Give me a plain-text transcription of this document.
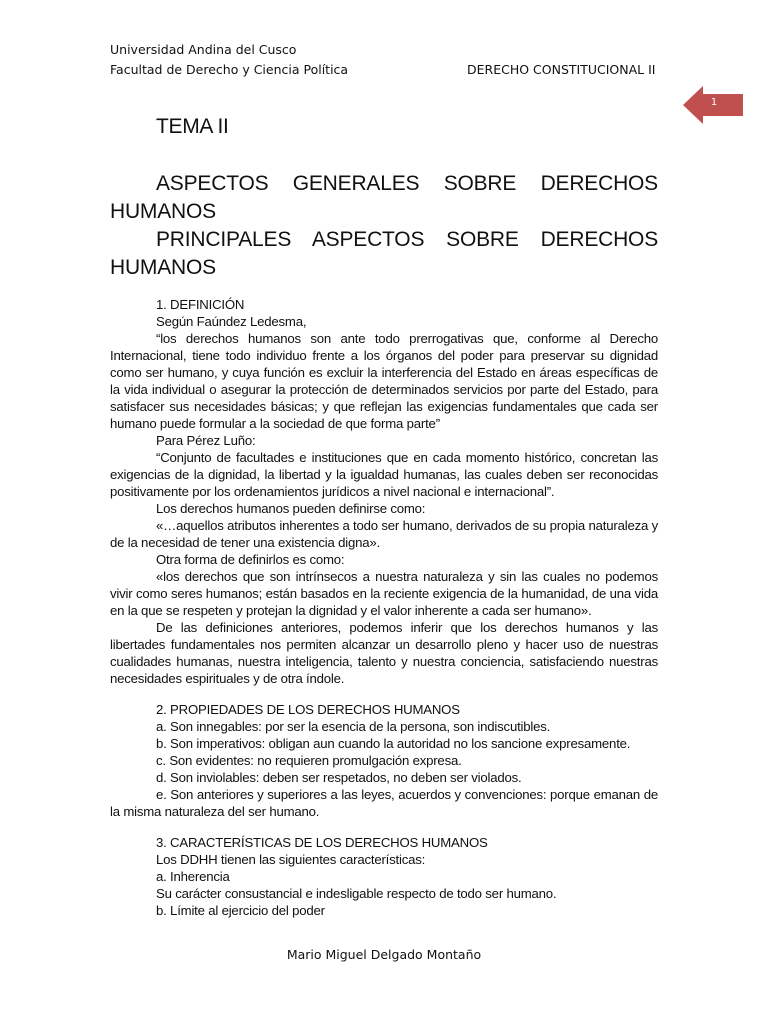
Universidad Andina del Cusco
Facultad de Derecho y Ciencia Política	DERECHO CONSTITUCIONAL II
1
TEMA II

ASPECTOS GENERALES SOBRE DERECHOS HUMANOS

PRINCIPALES ASPECTOS SOBRE DERECHOS HUMANOS

1. DEFINICIÓN

Según Faúndez Ledesma,

“los derechos humanos son ante todo prerrogativas que, conforme al Derecho Internacional, tiene todo individuo frente a los órganos del poder para preservar su dignidad como ser humano, y cuya función es excluir la interferencia del Estado en áreas específicas de la vida individual o asegurar la protección de determinados servicios por parte del Estado, para satisfacer sus necesidades básicas; y que reflejan las exigencias fundamentales que cada ser humano puede formular a la sociedad de que forma parte”

Para Pérez Luño:

“Conjunto de facultades e instituciones que en cada momento histórico, concretan las exigencias de la dignidad, la libertad y la igualdad humanas, las cuales deben ser reconocidas positivamente por los ordenamientos jurídicos a nivel nacional e internacional”.

Los derechos humanos pueden definirse como:

«…aquellos atributos inherentes a todo ser humano, derivados de su propia naturaleza y de la necesidad de tener una existencia digna».

Otra forma de definirlos es como:

«los derechos que son intrínsecos a nuestra naturaleza y sin las cuales no podemos vivir como seres humanos; están basados en la reciente exigencia de la humanidad, de una vida en la que se respeten y protejan la dignidad y el valor inherente a cada ser humano».

De las definiciones anteriores, podemos inferir que los derechos humanos y las libertades fundamentales nos permiten alcanzar un desarrollo pleno y hacer uso de nuestras cualidades humanas, nuestra inteligencia, talento y nuestra conciencia, satisfaciendo nuestras necesidades espirituales y de otra índole.

2. PROPIEDADES DE LOS DERECHOS HUMANOS

a. Son innegables: por ser la esencia de la persona, son indiscutibles.

b. Son imperativos: obligan aun cuando la autoridad no los sancione expresamente.

c. Son evidentes: no requieren promulgación expresa.

d. Son inviolables: deben ser respetados, no deben ser violados.

e. Son anteriores y superiores a las leyes, acuerdos y convenciones: porque emanan de la misma naturaleza del ser humano.

3. CARACTERÍSTICAS DE LOS DERECHOS HUMANOS

Los DDHH tienen las siguientes características:

a. Inherencia

Su carácter consustancial e indesligable respecto de todo ser humano.

b. Límite al ejercicio del poder

Mario Miguel Delgado Montaño
